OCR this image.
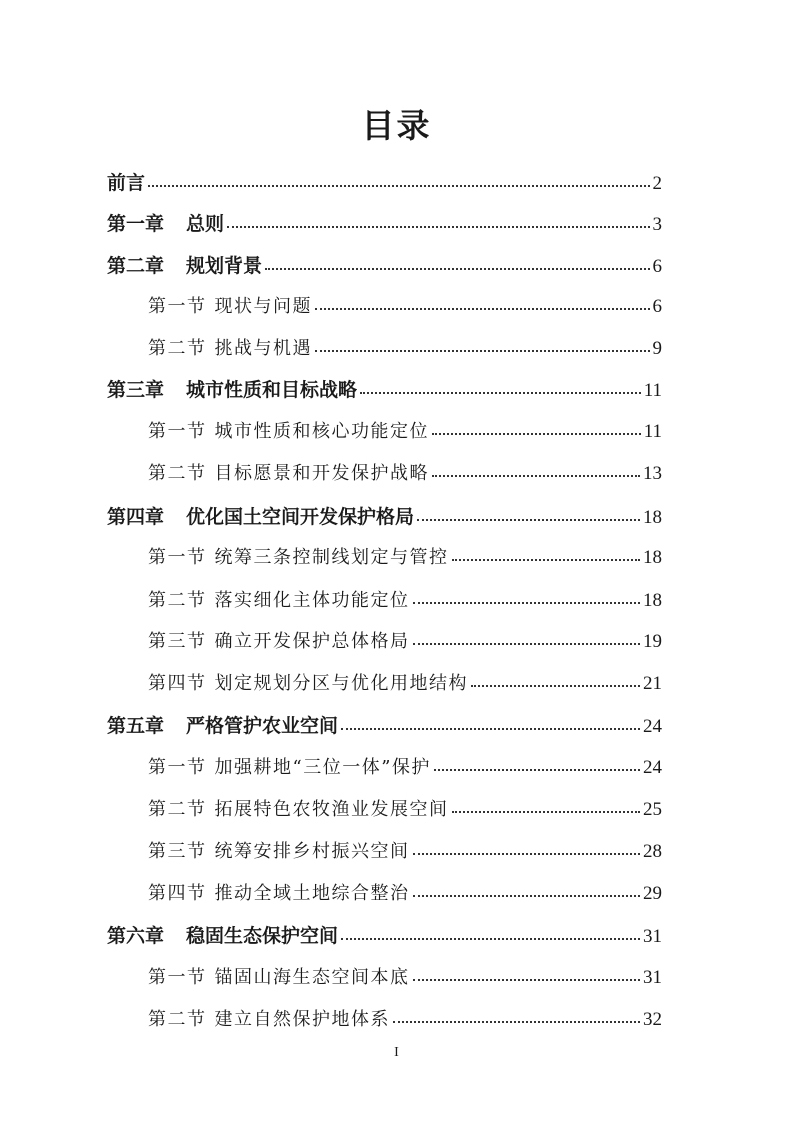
目录
前言	2
第一章 总则	3
第二章 规划背景	6
第一节 现状与问题	6
第二节 挑战与机遇	9
第三章 城市性质和目标战略	11
第一节 城市性质和核心功能定位	11
第二节 目标愿景和开发保护战略	13
第四章 优化国土空间开发保护格局	18
第一节 统筹三条控制线划定与管控	18
第二节 落实细化主体功能定位	18
第三节 确立开发保护总体格局	19
第四节 划定规划分区与优化用地结构	21
第五章 严格管护农业空间	24
第一节 加强耕地“三位一体”保护	24
第二节 拓展特色农牧渔业发展空间	25
第三节 统筹安排乡村振兴空间	28
第四节 推动全域土地综合整治	29
第六章 稳固生态保护空间	31
第一节 锚固山海生态空间本底	31
第二节 建立自然保护地体系	32
I
